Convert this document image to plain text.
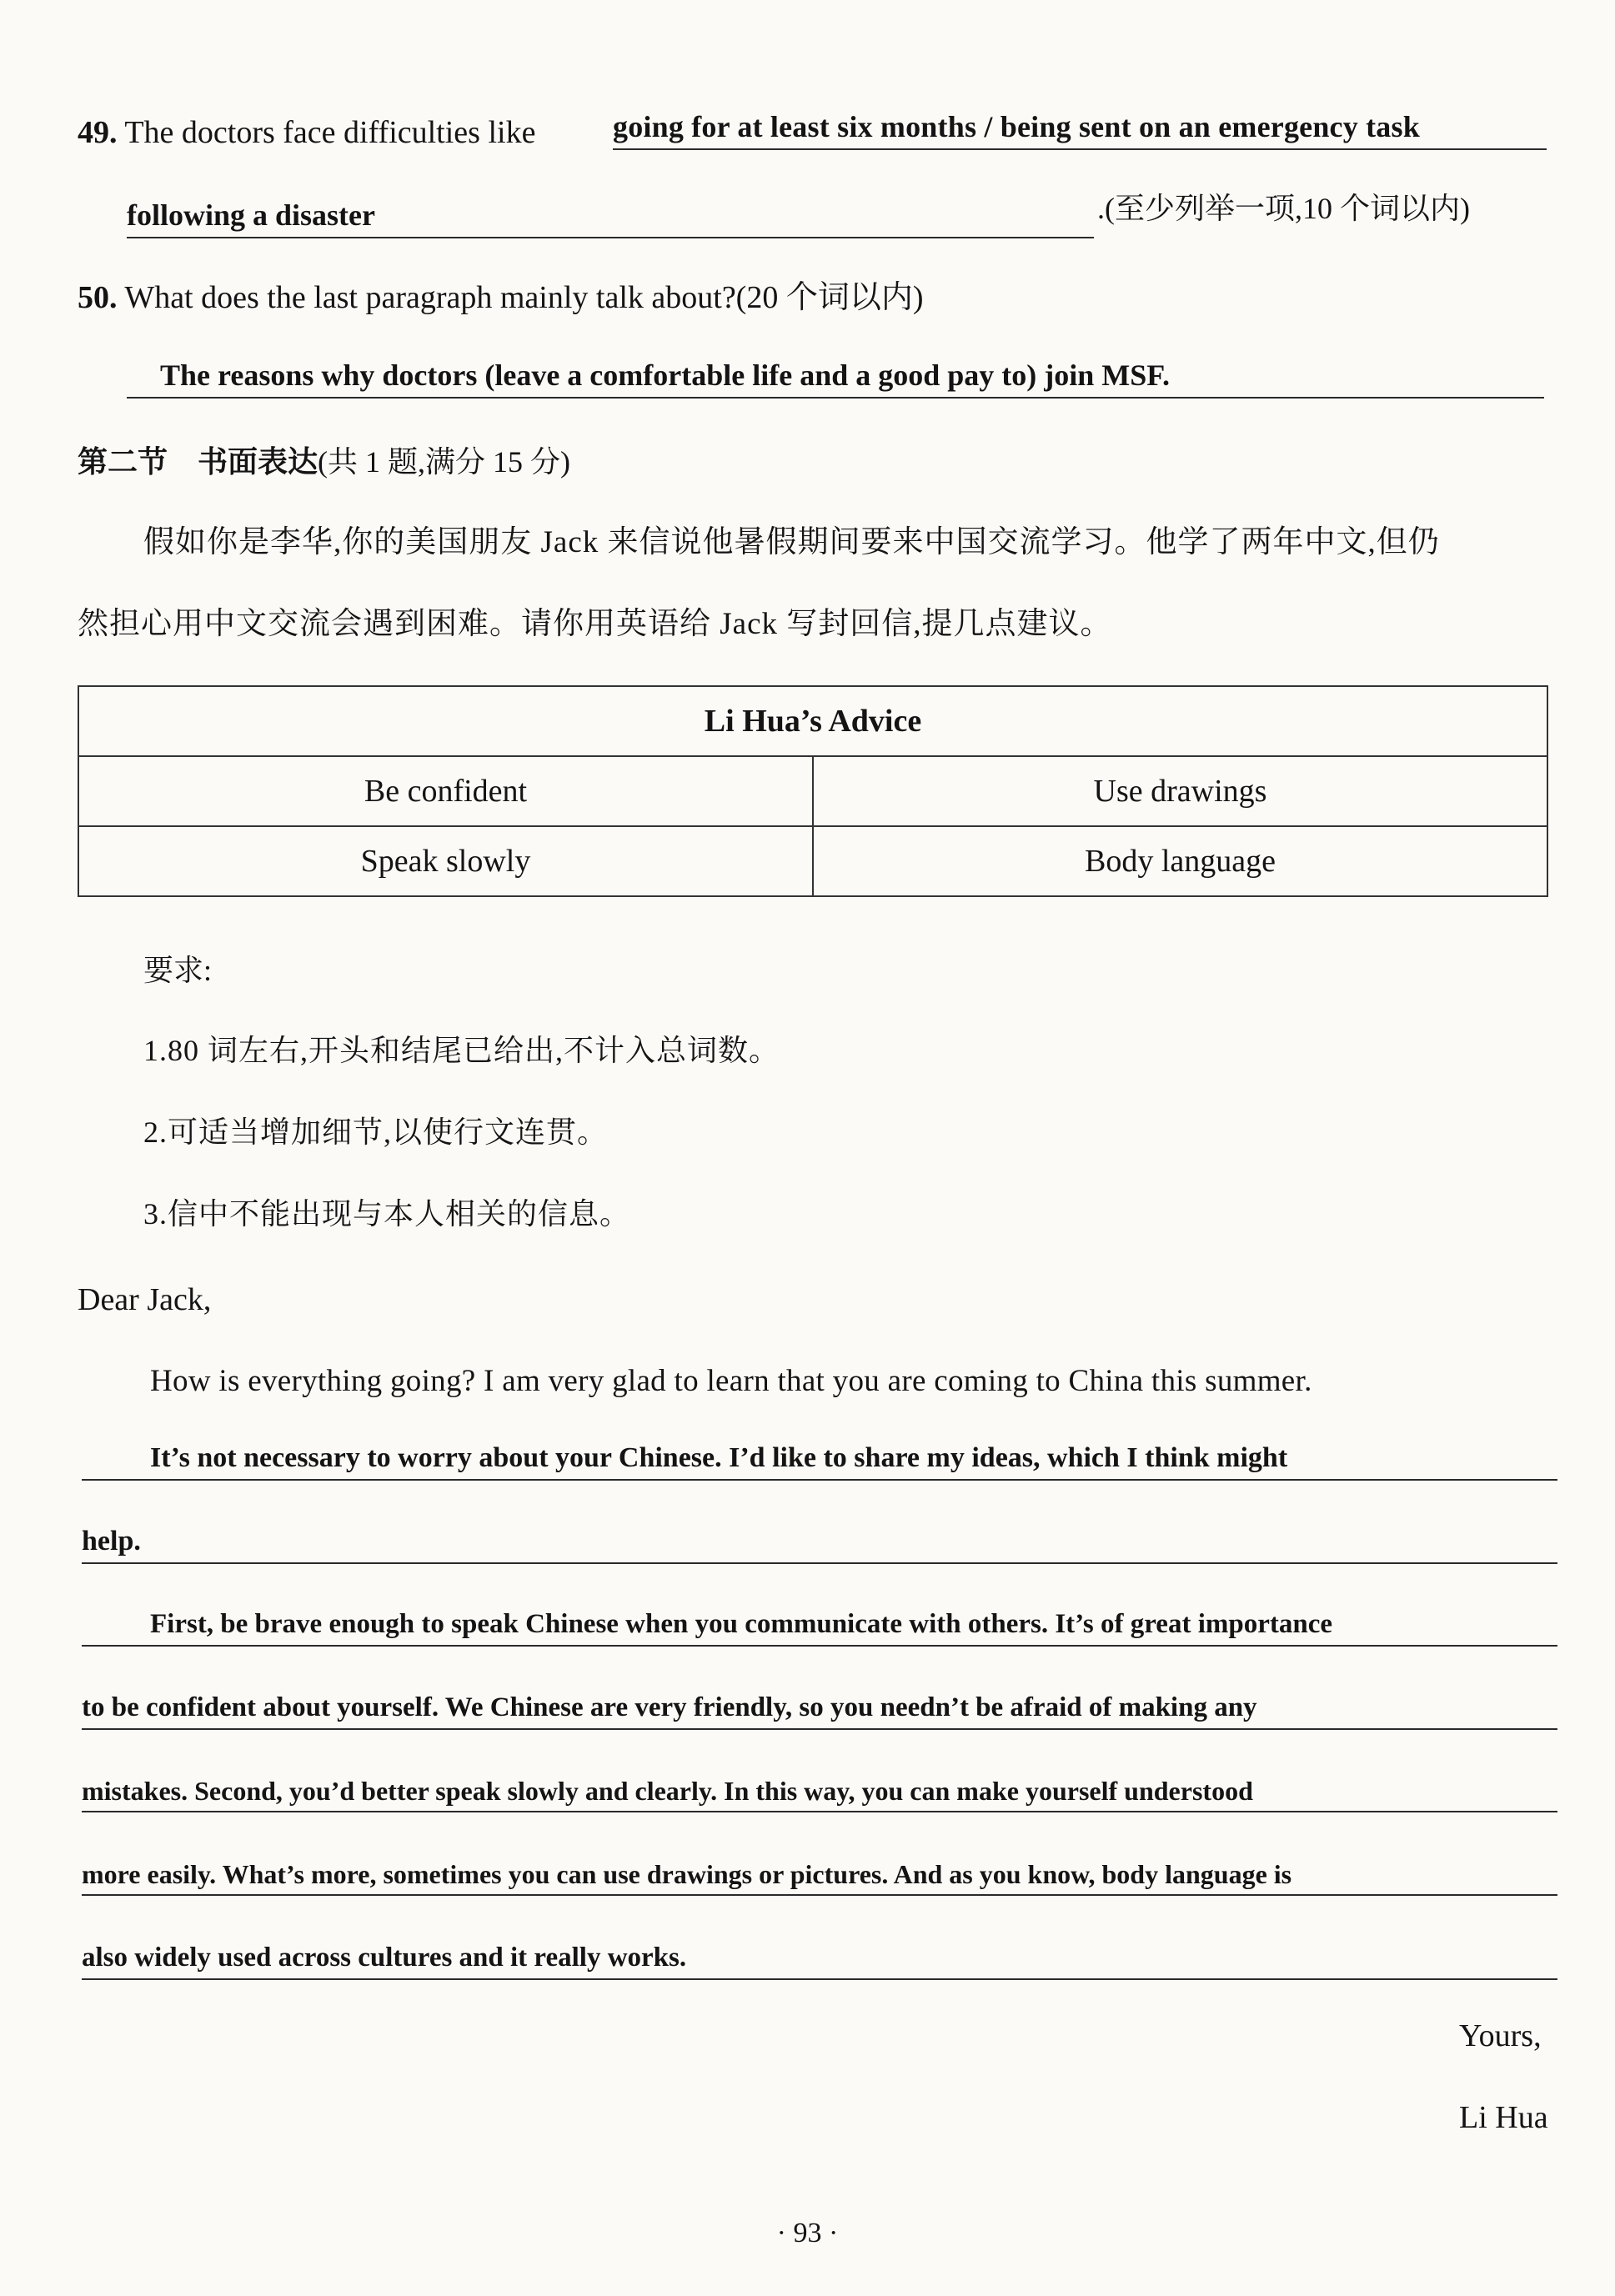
49. The doctors face difficulties like	going for at least six months / being sent on an emergency task
following a disaster	.(至少列举一项,10 个词以内)
50. What does the last paragraph mainly talk about?(20 个词以内)
The reasons why doctors (leave a comfortable life and a good pay to) join MSF.
第二节　书面表达(共 1 题,满分 15 分)
假如你是李华,你的美国朋友 Jack 来信说他暑假期间要来中国交流学习。他学了两年中文,但仍
然担心用中文交流会遇到困难。请你用英语给 Jack 写封回信,提几点建议。
Li Hua’s Advice	
Be confident	Use drawings
Speak slowly	Body language
要求:
1.80 词左右,开头和结尾已给出,不计入总词数。
2.可适当增加细节,以使行文连贯。
3.信中不能出现与本人相关的信息。
Dear Jack,
How is everything going? I am very glad to learn that you are coming to China this summer.
It’s not necessary to worry about your Chinese. I’d like to share my ideas, which I think might
help.
First, be brave enough to speak Chinese when you communicate with others. It’s of great importance
to be confident about yourself. We Chinese are very friendly, so you needn’t be afraid of making any
mistakes. Second, you’d better speak slowly and clearly. In this way, you can make yourself understood
more easily. What’s more, sometimes you can use drawings or pictures. And as you know, body language is
also widely used across cultures and it really works.
Yours,
Li Hua
· 93 ·
